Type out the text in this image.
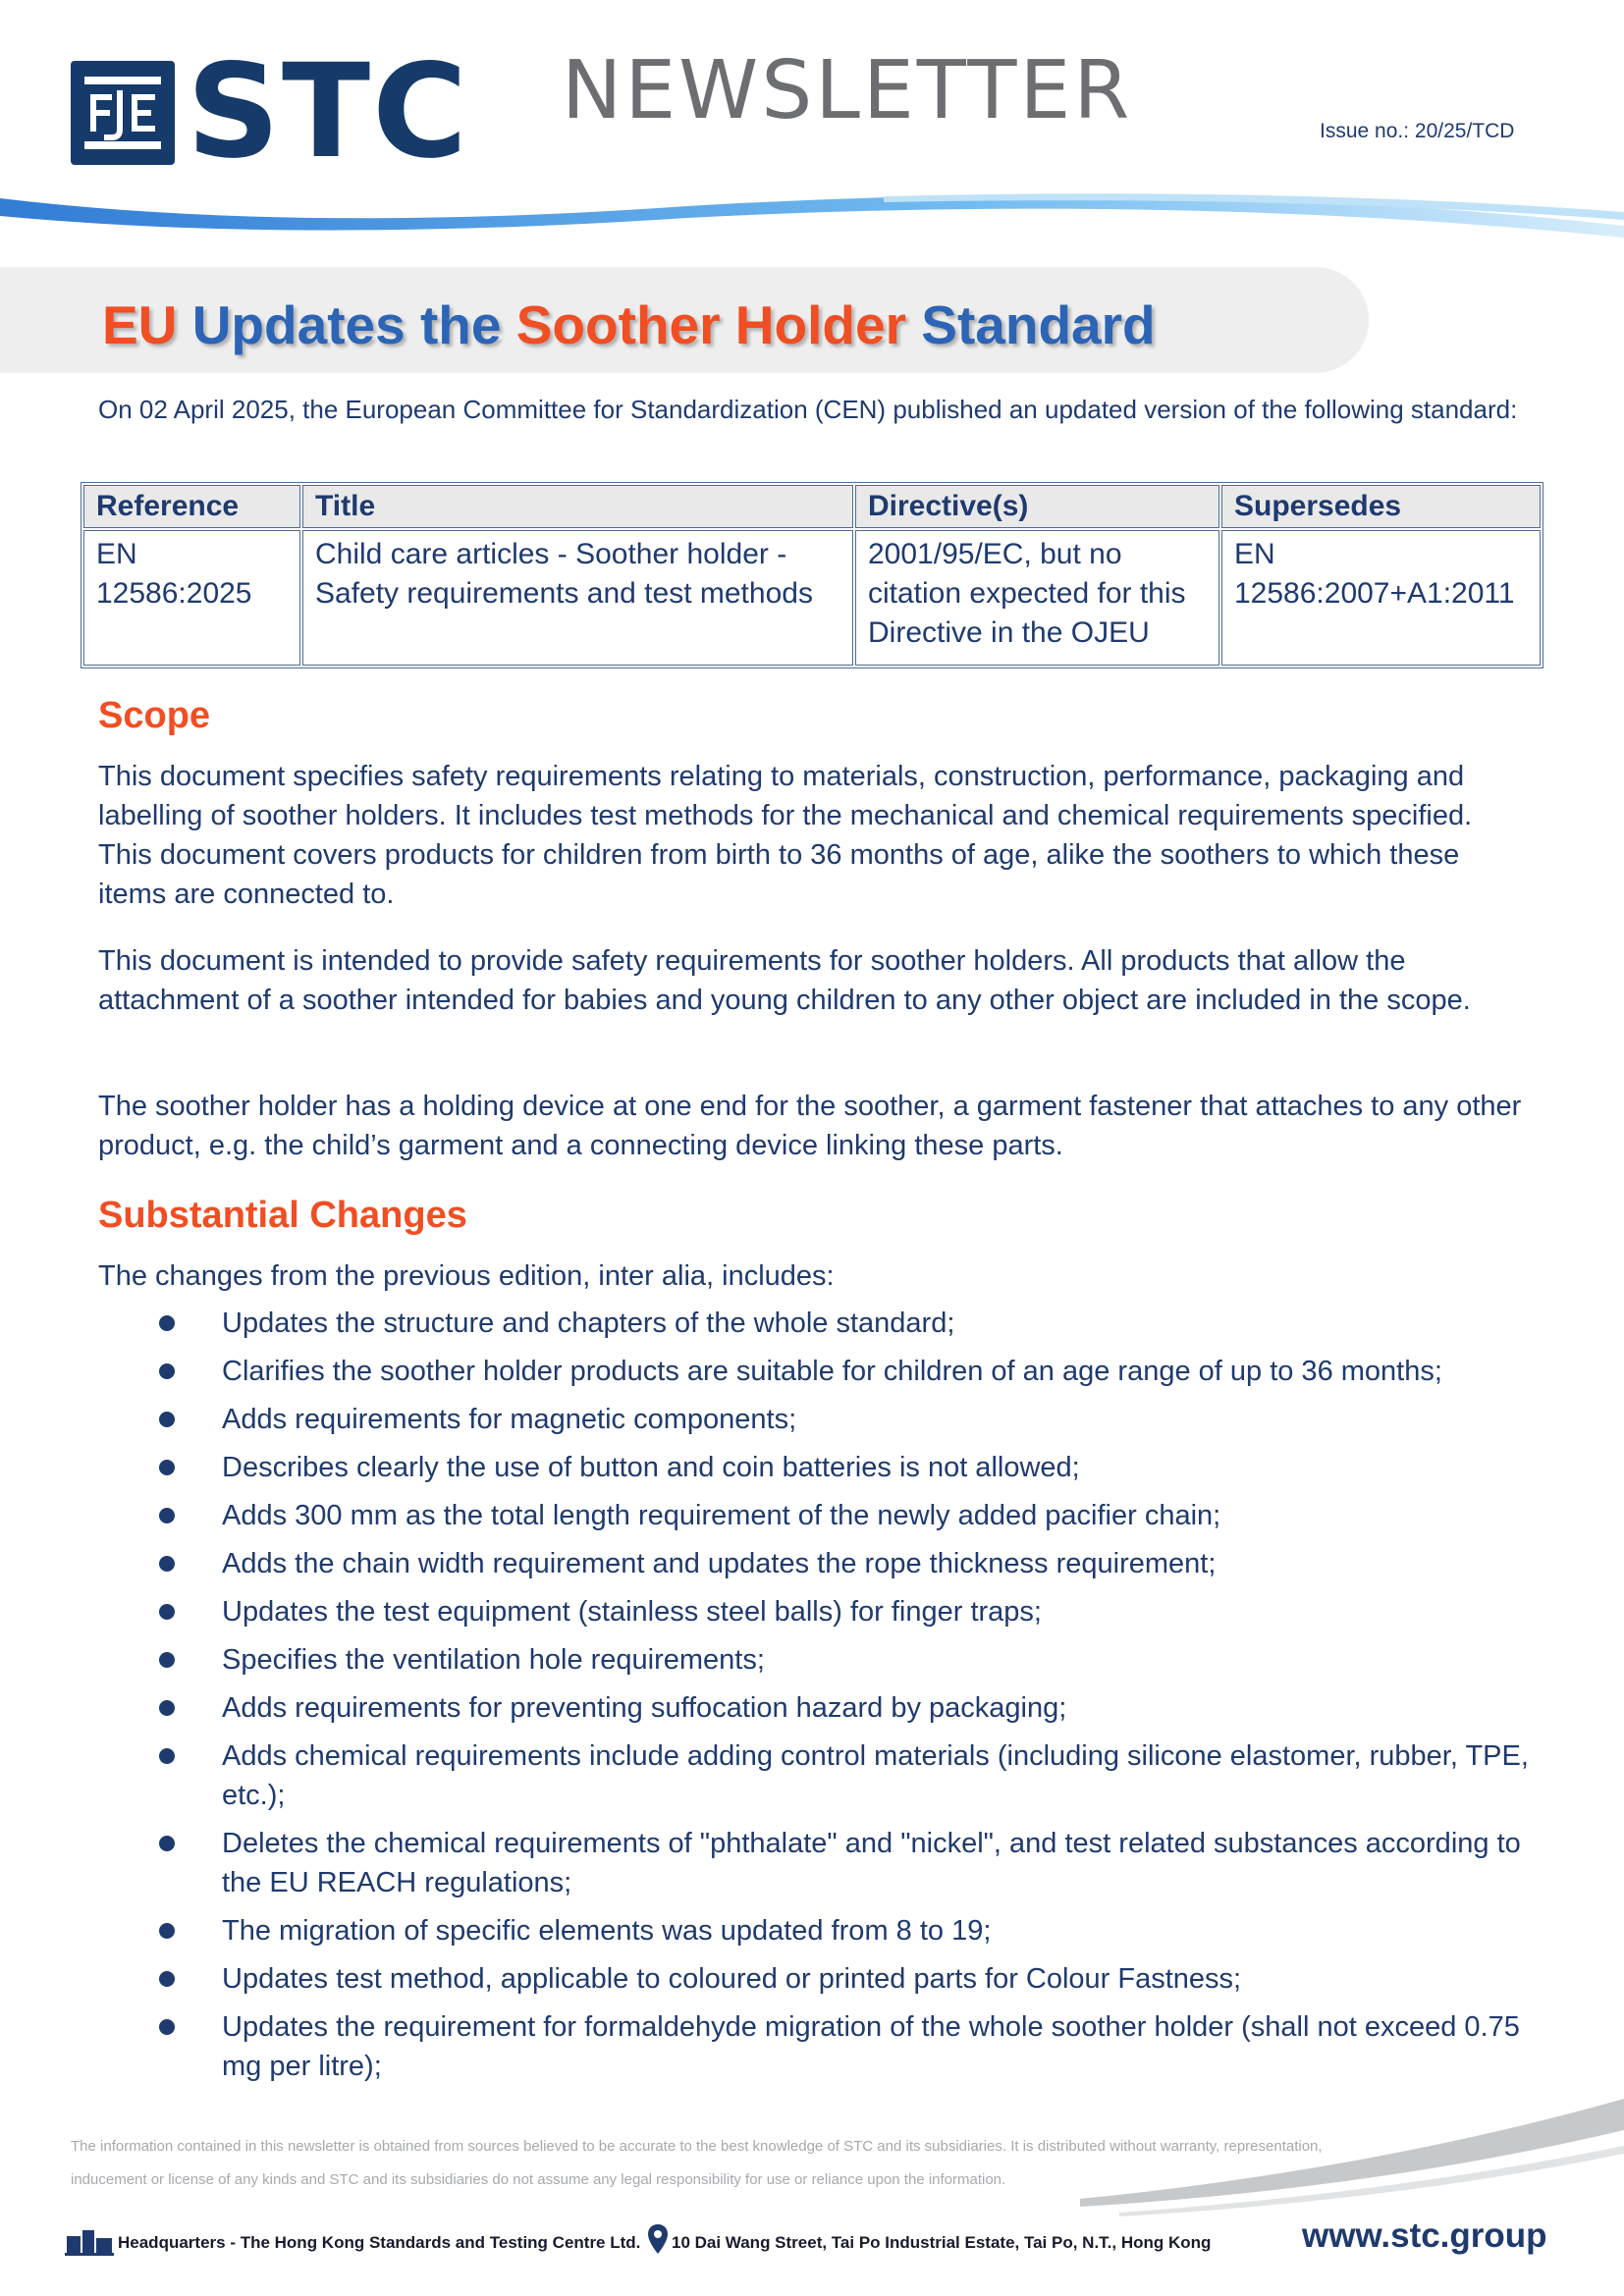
STC NEWSLETTER	Issue no.: 20/25/TCD
EU Updates the Soother Holder Standard

On 02 April 2025, the European Committee for Standardization (CEN) published an updated version of the following standard:

Reference	Title	Directive(s)	Supersedes
EN 12586:2025	Child care articles - Soother holder - Safety requirements and test methods	2001/95/EC, but no citation expected for this Directive in the OJEU	EN 12586:2007+A1:2011
Scope

This document specifies safety requirements relating to materials, construction, performance, packaging and labelling of soother holders. It includes test methods for the mechanical and chemical requirements specified. This document covers products for children from birth to 36 months of age, alike the soothers to which these items are connected to.

This document is intended to provide safety requirements for soother holders. All products that allow the attachment of a soother intended for babies and young children to any other object are included in the scope.

The soother holder has a holding device at one end for the soother, a garment fastener that attaches to any other product, e.g. the child’s garment and a connecting device linking these parts.

Substantial Changes

The changes from the previous edition, inter alia, includes:

Updates the structure and chapters of the whole standard;
Clarifies the soother holder products are suitable for children of an age range of up to 36 months;
Adds requirements for magnetic components;
Describes clearly the use of button and coin batteries is not allowed;
Adds 300 mm as the total length requirement of the newly added pacifier chain;
Adds the chain width requirement and updates the rope thickness requirement;
Updates the test equipment (stainless steel balls) for finger traps;
Specifies the ventilation hole requirements;
Adds requirements for preventing suffocation hazard by packaging;
Adds chemical requirements include adding control materials (including silicone elastomer, rubber, TPE, etc.);
Deletes the chemical requirements of "phthalate" and "nickel", and test related substances according to the EU REACH regulations;
The migration of specific elements was updated from 8 to 19;
Updates test method, applicable to coloured or printed parts for Colour Fastness;
Updates the requirement for formaldehyde migration of the whole soother holder (shall not exceed 0.75 mg per litre);
The information contained in this newsletter is obtained from sources believed to be accurate to the best knowledge of STC and its subsidiaries. It is distributed without warranty, representation, inducement or license of any kinds and STC and its subsidiaries do not assume any legal responsibility for use or reliance upon the information.
Headquarters - The Hong Kong Standards and Testing Centre Ltd. 10 Dai Wang Street, Tai Po Industrial Estate, Tai Po, N.T., Hong Kong	www.stc.group
